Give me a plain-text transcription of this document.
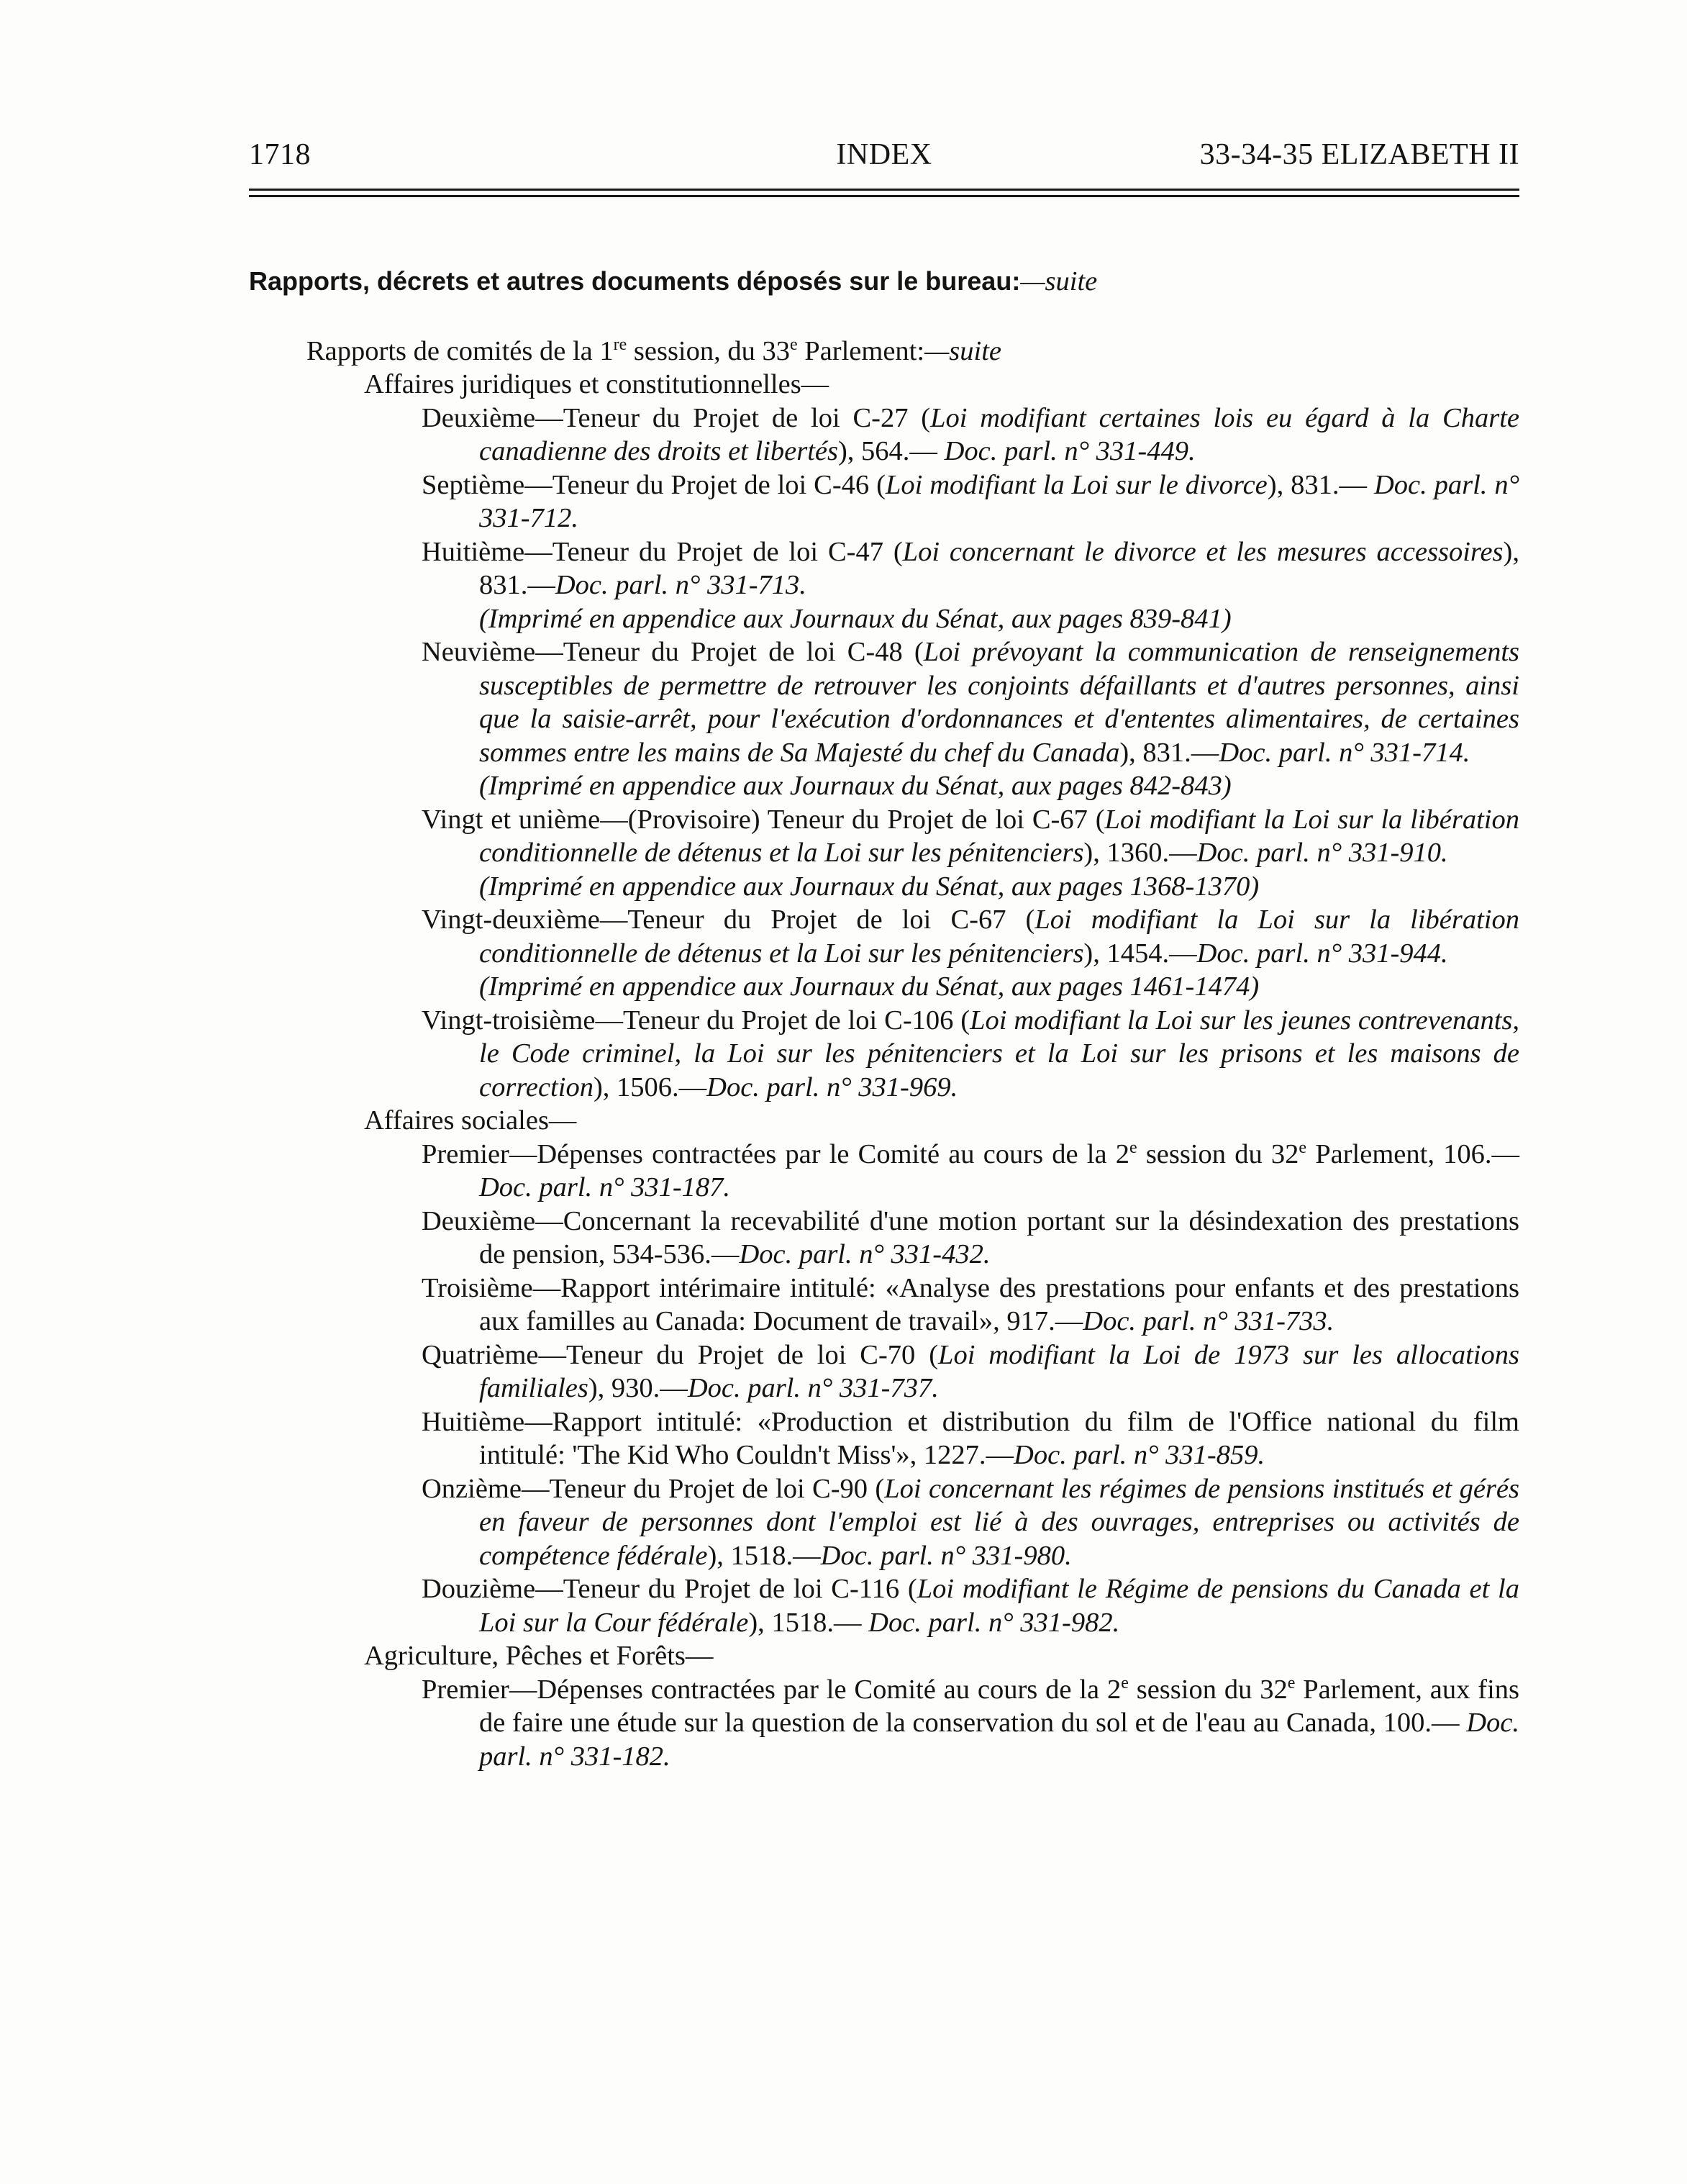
1718	INDEX	33-34-35 ELIZABETH II

Rapports, décrets et autres documents déposés sur le bureau:—suite

Rapports de comités de la 1re session, du 33e Parlement:—suite

Affaires juridiques et constitutionnelles—

Deuxième—Teneur du Projet de loi C-27 (Loi modifiant certaines lois eu égard à la Charte canadienne des droits et libertés), 564.— Doc. parl. n° 331-449.

Septième—Teneur du Projet de loi C-46 (Loi modifiant la Loi sur le divorce), 831.— Doc. parl. n° 331-712.

Huitième—Teneur du Projet de loi C-47 (Loi concernant le divorce et les mesures accessoires), 831.—Doc. parl. n° 331-713.

(Imprimé en appendice aux Journaux du Sénat, aux pages 839-841)

Neuvième—Teneur du Projet de loi C-48 (Loi prévoyant la communication de renseignements susceptibles de permettre de retrouver les conjoints défaillants et d'autres personnes, ainsi que la saisie-arrêt, pour l'exécution d'ordonnances et d'ententes alimentaires, de certaines sommes entre les mains de Sa Majesté du chef du Canada), 831.—Doc. parl. n° 331-714.

(Imprimé en appendice aux Journaux du Sénat, aux pages 842-843)

Vingt et unième—(Provisoire) Teneur du Projet de loi C-67 (Loi modifiant la Loi sur la libération conditionnelle de détenus et la Loi sur les pénitenciers), 1360.—Doc. parl. n° 331-910.

(Imprimé en appendice aux Journaux du Sénat, aux pages 1368-1370)

Vingt-deuxième—Teneur du Projet de loi C-67 (Loi modifiant la Loi sur la libération conditionnelle de détenus et la Loi sur les pénitenciers), 1454.—Doc. parl. n° 331-944.

(Imprimé en appendice aux Journaux du Sénat, aux pages 1461-1474)

Vingt-troisième—Teneur du Projet de loi C-106 (Loi modifiant la Loi sur les jeunes contrevenants, le Code criminel, la Loi sur les pénitenciers et la Loi sur les prisons et les maisons de correction), 1506.—Doc. parl. n° 331-969.

Affaires sociales—

Premier—Dépenses contractées par le Comité au cours de la 2e session du 32e Parlement, 106.—Doc. parl. n° 331-187.

Deuxième—Concernant la recevabilité d'une motion portant sur la désindexation des prestations de pension, 534-536.—Doc. parl. n° 331-432.

Troisième—Rapport intérimaire intitulé: «Analyse des prestations pour enfants et des prestations aux familles au Canada: Document de travail», 917.—Doc. parl. n° 331-733.

Quatrième—Teneur du Projet de loi C-70 (Loi modifiant la Loi de 1973 sur les allocations familiales), 930.—Doc. parl. n° 331-737.

Huitième—Rapport intitulé: «Production et distribution du film de l'Office national du film intitulé: 'The Kid Who Couldn't Miss'», 1227.—Doc. parl. n° 331-859.

Onzième—Teneur du Projet de loi C-90 (Loi concernant les régimes de pensions institués et gérés en faveur de personnes dont l'emploi est lié à des ouvrages, entreprises ou activités de compétence fédérale), 1518.—Doc. parl. n° 331-980.

Douzième—Teneur du Projet de loi C-116 (Loi modifiant le Régime de pensions du Canada et la Loi sur la Cour fédérale), 1518.— Doc. parl. n° 331-982.

Agriculture, Pêches et Forêts—

Premier—Dépenses contractées par le Comité au cours de la 2e session du 32e Parlement, aux fins de faire une étude sur la question de la conservation du sol et de l'eau au Canada, 100.— Doc. parl. n° 331-182.
